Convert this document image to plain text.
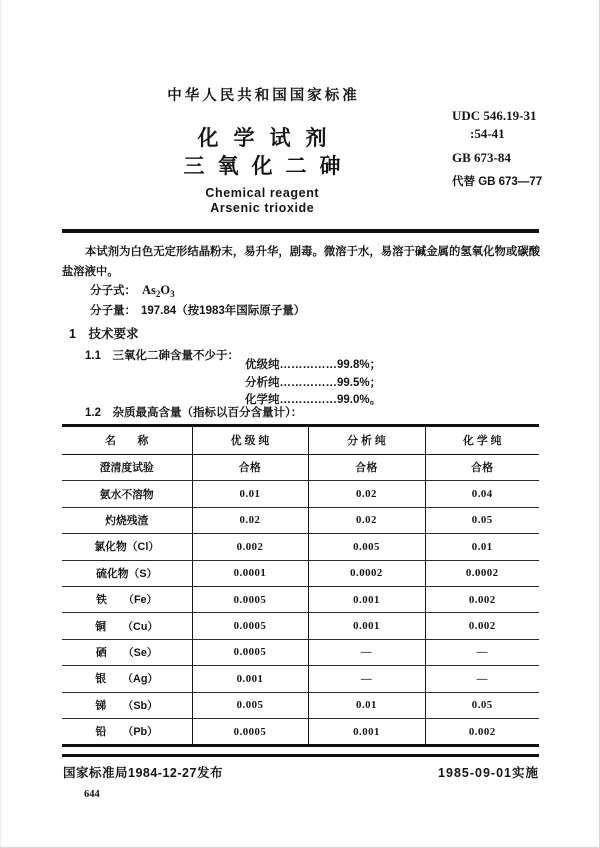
中华人民共和国国家标准
化学试剂
三氧化二砷
Chemical reagent
Arsenic trioxide
UDC 546.19-31
:54-41
GB 673-84
代替 GB 673—77

本试剂为白色无定形结晶粉末，易升华，剧毒。微溶于水，易溶于碱金属的氢氧化物或碳酸盐溶液中。

分子式： $As_2O_3$
分子量： 197.84（按1983年国际原子量）
1　技术要求
1.1　三氧化二砷含量不少于：
优级纯……………99.8%；
分析纯……………99.5%；
化学纯……………99.0%。
1.2　杂质最高含量（指标以百分含量计）：
名　　称	优 级 纯	分 析 纯	化 学 纯
澄清度试验	合格	合格	合格
氨水不溶物	0.01	0.02	0.04
灼烧残渣	0.02	0.02	0.05
氯化物（Cl）	0.002	0.005	0.01
硫化物（S）	0.0001	0.0002	0.0002
铁　　（Fe）	0.0005	0.001	0.002
铜　　（Cu）	0.0005	0.001	0.002
硒　　（Se）	0.0005	—	—
银　　（Ag）	0.001	—	—
锑　　（Sb）	0.005	0.01	0.05
铅　　（Pb）	0.0005	0.001	0.002
国家标准局1984-12-27发布	1985-09-01实施
644
